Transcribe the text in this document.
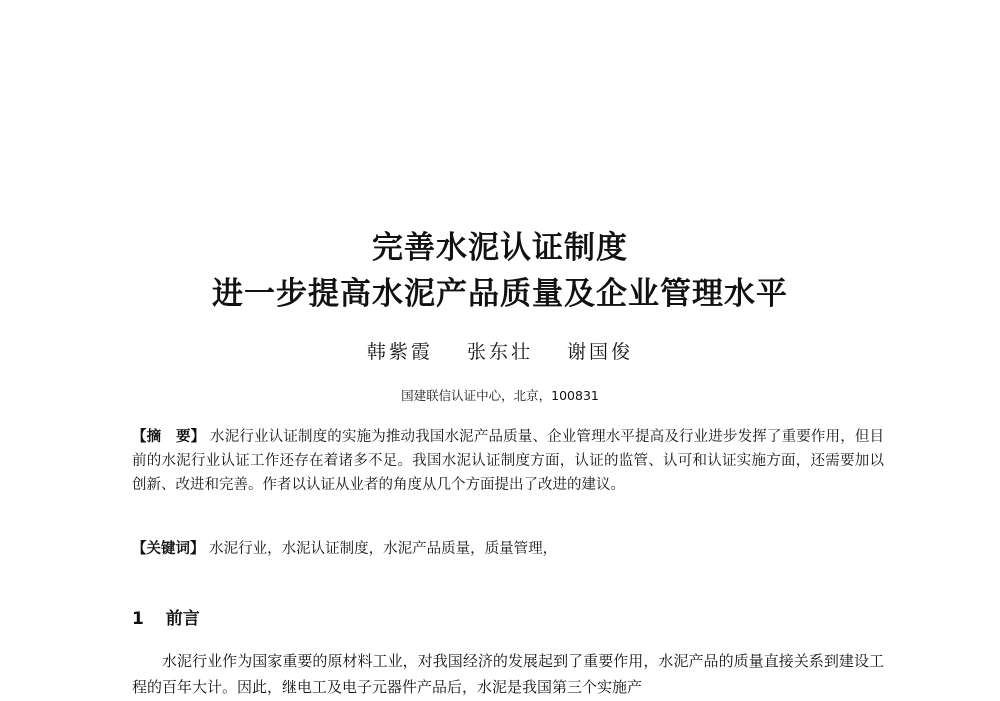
完善水泥认证制度
进一步提高水泥产品质量及企业管理水平
韩紫霞 张东壮 谢国俊
国建联信认证中心，北京，100831
【摘　要】 水泥行业认证制度的实施为推动我国水泥产品质量、企业管理水平提高及行业进步发挥了重要作用，但目前的水泥行业认证工作还存在着诸多不足。我国水泥认证制度方面，认证的监管、认可和认证实施方面，还需要加以创新、改进和完善。作者以认证从业者的角度从几个方面提出了改进的建议。
【关键词】 水泥行业，水泥认证制度，水泥产品质量，质量管理，
1 前言
水泥行业作为国家重要的原材料工业，对我国经济的发展起到了重要作用，水泥产品的质量直接关系到建设工程的百年大计。因此，继电工及电子元器件产品后，水泥是我国第三个实施产
